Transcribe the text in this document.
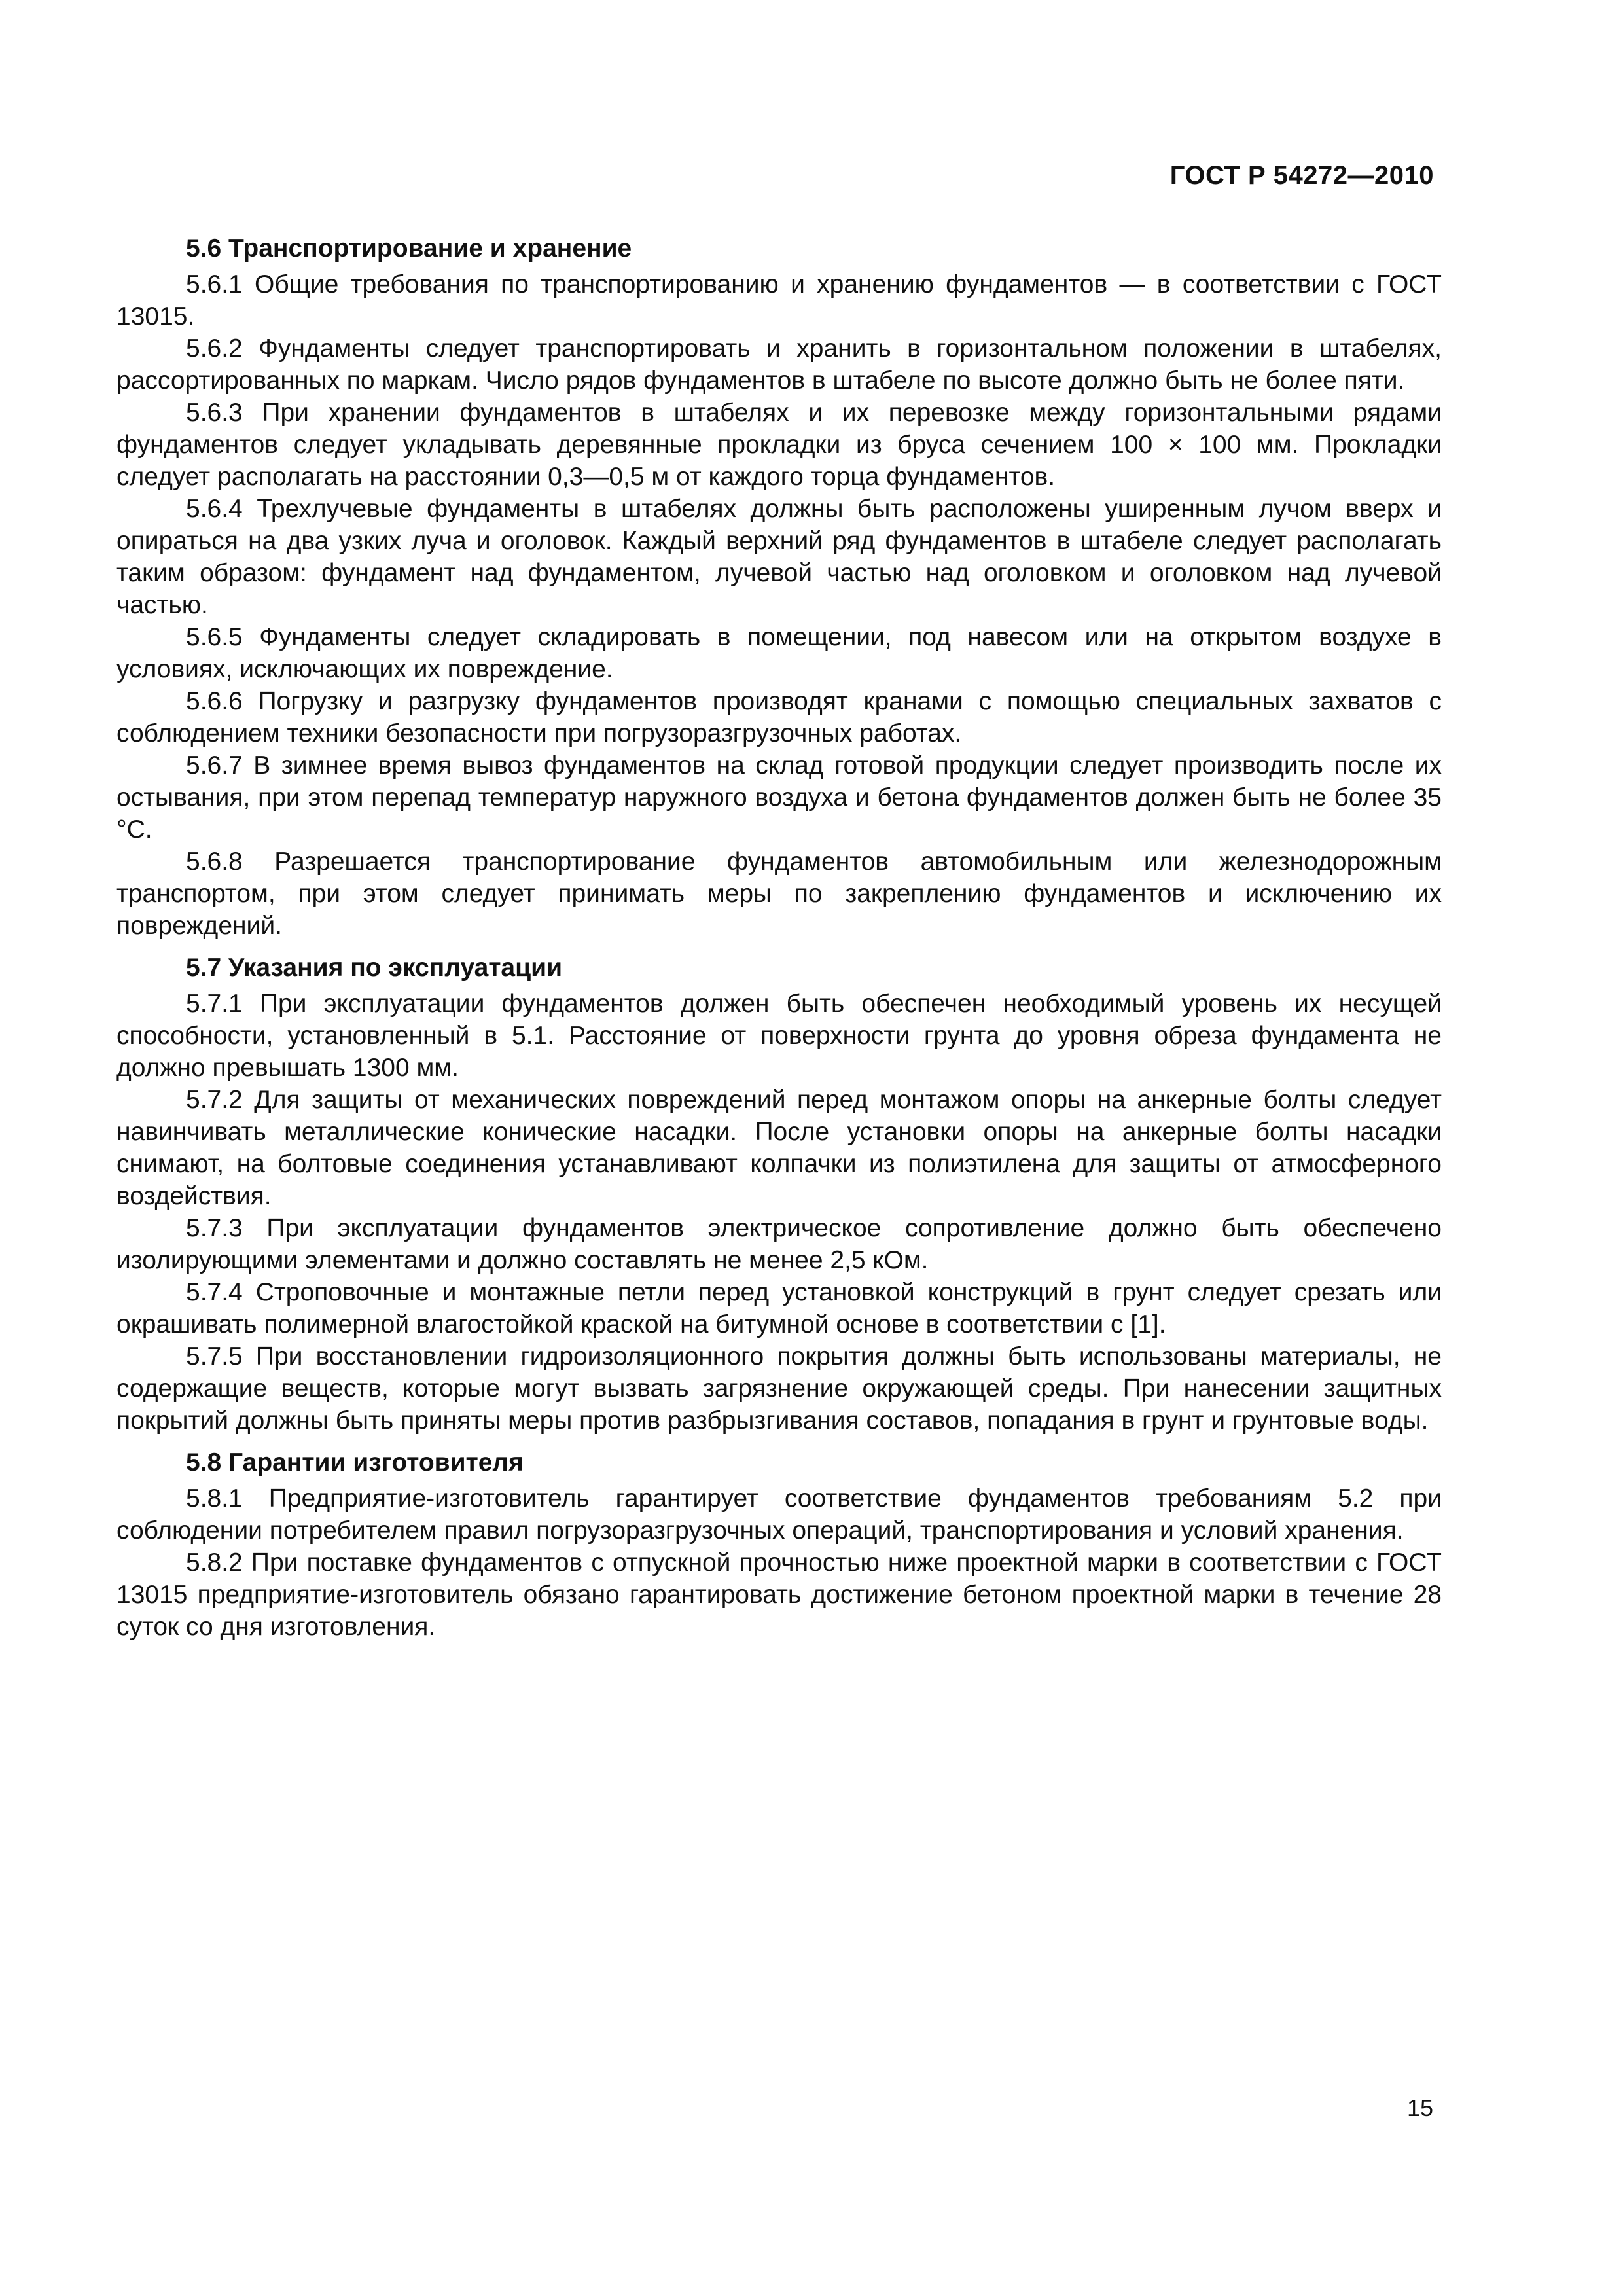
ГОСТ Р 54272—2010

5.6 Транспортирование и хранение

5.6.1 Общие требования по транспортированию и хранению фундаментов — в соответствии с ГОСТ 13015.

5.6.2 Фундаменты следует транспортировать и хранить в горизонтальном положении в штабелях, рассортированных по маркам. Число рядов фундаментов в штабеле по высоте должно быть не более пяти.

5.6.3 При хранении фундаментов в штабелях и их перевозке между горизонтальными рядами фундаментов следует укладывать деревянные прокладки из бруса сечением 100 × 100 мм. Прокладки следует располагать на расстоянии 0,3—0,5 м от каждого торца фундаментов.

5.6.4 Трехлучевые фундаменты в штабелях должны быть расположены уширенным лучом вверх и опираться на два узких луча и оголовок. Каждый верхний ряд фундаментов в штабеле следует располагать таким образом: фундамент над фундаментом, лучевой частью над оголовком и оголовком над лучевой частью.

5.6.5 Фундаменты следует складировать в помещении, под навесом или на открытом воздухе в условиях, исключающих их повреждение.

5.6.6 Погрузку и разгрузку фундаментов производят кранами с помощью специальных захватов с соблюдением техники безопасности при погрузоразгрузочных работах.

5.6.7 В зимнее время вывоз фундаментов на склад готовой продукции следует производить после их остывания, при этом перепад температур наружного воздуха и бетона фундаментов должен быть не более 35 °С.

5.6.8 Разрешается транспортирование фундаментов автомобильным или железнодорожным транспортом, при этом следует принимать меры по закреплению фундаментов и исключению их повреждений.

5.7 Указания по эксплуатации

5.7.1 При эксплуатации фундаментов должен быть обеспечен необходимый уровень их несущей способности, установленный в 5.1. Расстояние от поверхности грунта до уровня обреза фундамента не должно превышать 1300 мм.

5.7.2 Для защиты от механических повреждений перед монтажом опоры на анкерные болты следует навинчивать металлические конические насадки. После установки опоры на анкерные болты насадки снимают, на болтовые соединения устанавливают колпачки из полиэтилена для защиты от атмосферного воздействия.

5.7.3 При эксплуатации фундаментов электрическое сопротивление должно быть обеспечено изолирующими элементами и должно составлять не менее 2,5 кОм.

5.7.4 Строповочные и монтажные петли перед установкой конструкций в грунт следует срезать или окрашивать полимерной влагостойкой краской на битумной основе в соответствии с [1].

5.7.5 При восстановлении гидроизоляционного покрытия должны быть использованы материалы, не содержащие веществ, которые могут вызвать загрязнение окружающей среды. При нанесении защитных покрытий должны быть приняты меры против разбрызгивания составов, попадания в грунт и грунтовые воды.

5.8 Гарантии изготовителя

5.8.1 Предприятие-изготовитель гарантирует соответствие фундаментов требованиям 5.2 при соблюдении потребителем правил погрузоразгрузочных операций, транспортирования и условий хранения.

5.8.2 При поставке фундаментов с отпускной прочностью ниже проектной марки в соответствии с ГОСТ 13015 предприятие-изготовитель обязано гарантировать достижение бетоном проектной марки в течение 28 суток со дня изготовления.

15
